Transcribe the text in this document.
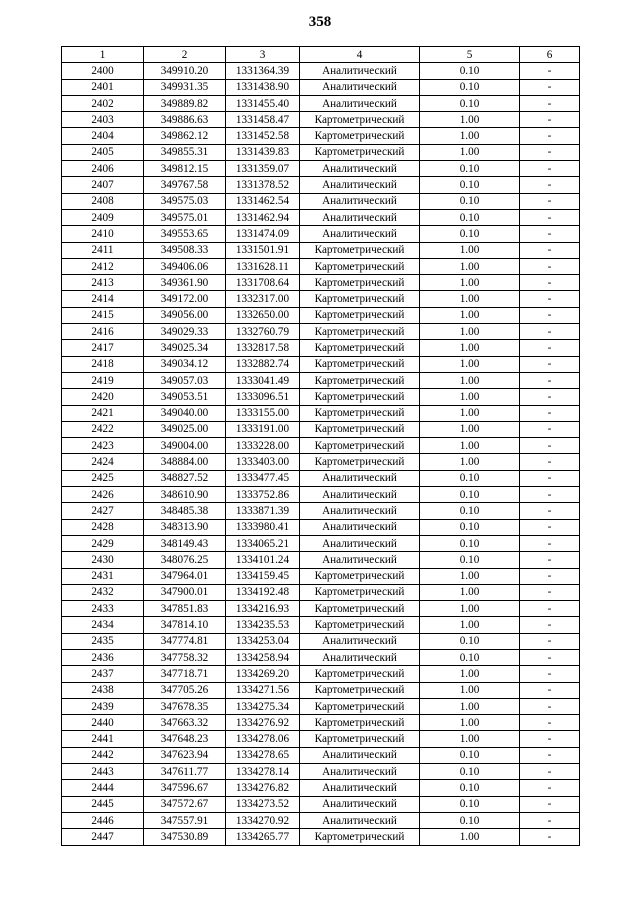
358
1	2	3	4	5	6
2400	349910.20	1331364.39	Аналитический	0.10	-
2401	349931.35	1331438.90	Аналитический	0.10	-
2402	349889.82	1331455.40	Аналитический	0.10	-
2403	349886.63	1331458.47	Картометрический	1.00	-
2404	349862.12	1331452.58	Картометрический	1.00	-
2405	349855.31	1331439.83	Картометрический	1.00	-
2406	349812.15	1331359.07	Аналитический	0.10	-
2407	349767.58	1331378.52	Аналитический	0.10	-
2408	349575.03	1331462.54	Аналитический	0.10	-
2409	349575.01	1331462.94	Аналитический	0.10	-
2410	349553.65	1331474.09	Аналитический	0.10	-
2411	349508.33	1331501.91	Картометрический	1.00	-
2412	349406.06	1331628.11	Картометрический	1.00	-
2413	349361.90	1331708.64	Картометрический	1.00	-
2414	349172.00	1332317.00	Картометрический	1.00	-
2415	349056.00	1332650.00	Картометрический	1.00	-
2416	349029.33	1332760.79	Картометрический	1.00	-
2417	349025.34	1332817.58	Картометрический	1.00	-
2418	349034.12	1332882.74	Картометрический	1.00	-
2419	349057.03	1333041.49	Картометрический	1.00	-
2420	349053.51	1333096.51	Картометрический	1.00	-
2421	349040.00	1333155.00	Картометрический	1.00	-
2422	349025.00	1333191.00	Картометрический	1.00	-
2423	349004.00	1333228.00	Картометрический	1.00	-
2424	348884.00	1333403.00	Картометрический	1.00	-
2425	348827.52	1333477.45	Аналитический	0.10	-
2426	348610.90	1333752.86	Аналитический	0.10	-
2427	348485.38	1333871.39	Аналитический	0.10	-
2428	348313.90	1333980.41	Аналитический	0.10	-
2429	348149.43	1334065.21	Аналитический	0.10	-
2430	348076.25	1334101.24	Аналитический	0.10	-
2431	347964.01	1334159.45	Картометрический	1.00	-
2432	347900.01	1334192.48	Картометрический	1.00	-
2433	347851.83	1334216.93	Картометрический	1.00	-
2434	347814.10	1334235.53	Картометрический	1.00	-
2435	347774.81	1334253.04	Аналитический	0.10	-
2436	347758.32	1334258.94	Аналитический	0.10	-
2437	347718.71	1334269.20	Картометрический	1.00	-
2438	347705.26	1334271.56	Картометрический	1.00	-
2439	347678.35	1334275.34	Картометрический	1.00	-
2440	347663.32	1334276.92	Картометрический	1.00	-
2441	347648.23	1334278.06	Картометрический	1.00	-
2442	347623.94	1334278.65	Аналитический	0.10	-
2443	347611.77	1334278.14	Аналитический	0.10	-
2444	347596.67	1334276.82	Аналитический	0.10	-
2445	347572.67	1334273.52	Аналитический	0.10	-
2446	347557.91	1334270.92	Аналитический	0.10	-
2447	347530.89	1334265.77	Картометрический	1.00	-
